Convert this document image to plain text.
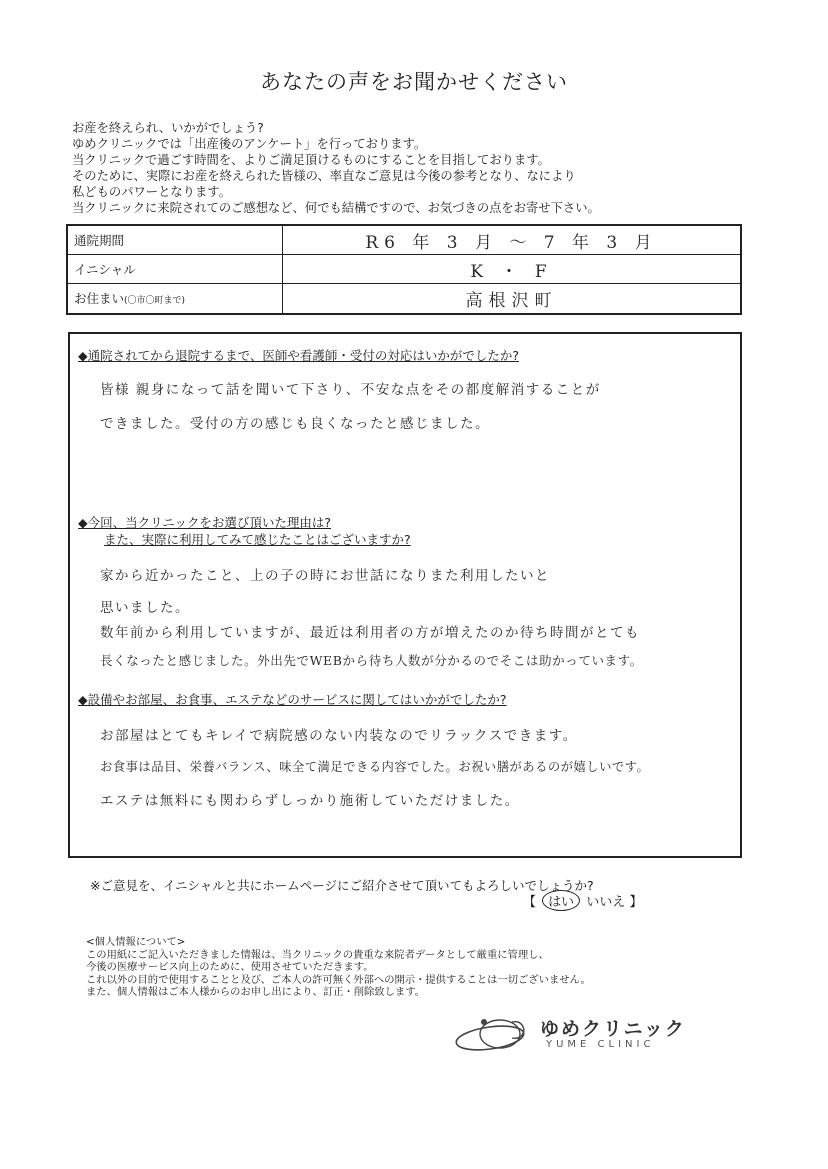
あなたの声をお聞かせください
お産を終えられ、いかがでしょう?
ゆめクリニックでは「出産後のアンケート」を行っております。
当クリニックで過ごす時間を、よりご満足頂けるものにすることを目指しております。
そのために、実際にお産を終えられた皆様の、率直なご意見は今後の参考となり、なにより
私どものパワーとなります。
当クリニックに来院されてのご感想など、何でも結構ですので、お気づきの点をお寄せ下さい。
通院期間	R6 年 3 月 〜 7 年 3 月
イニシャル	K ・ F
お住まい(〇市〇町まで)	高根沢町
◆通院されてから退院するまで、医師や看護師・受付の対応はいかがでしたか?
皆様 親身になって話を聞いて下さり、不安な点をその都度解消することが
できました。受付の方の感じも良くなったと感じました。
◆今回、当クリニックをお選び頂いた理由は?
また、実際に利用してみて感じたことはございますか?
家から近かったこと、上の子の時にお世話になりまた利用したいと
思いました。
数年前から利用していますが、最近は利用者の方が増えたのか待ち時間がとても
長くなったと感じました。外出先でWEBから待ち人数が分かるのでそこは助かっています。
◆設備やお部屋、お食事、エステなどのサービスに関してはいかがでしたか?
お部屋はとてもキレイで病院感のない内装なのでリラックスできます。
お食事は品目、栄養バランス、味全て満足できる内容でした。お祝い膳があるのが嬉しいです。
エステは無料にも関わらずしっかり施術していただけました。
※ご意見を、イニシャルと共にホームページにご紹介させて頂いてもよろしいでしょうか?
【 はい いいえ 】
<個人情報について>
この用紙にご記入いただきました情報は、当クリニックの貴重な来院者データとして厳重に管理し、
今後の医療サービス向上のために、使用させていただきます。
これ以外の目的で使用することと及び、ご本人の許可無く外部への開示・提供することは一切ございません。
また、個人情報はご本人様からのお申し出により、訂正・削除致します。
ゆめクリニック
YUME CLINIC
